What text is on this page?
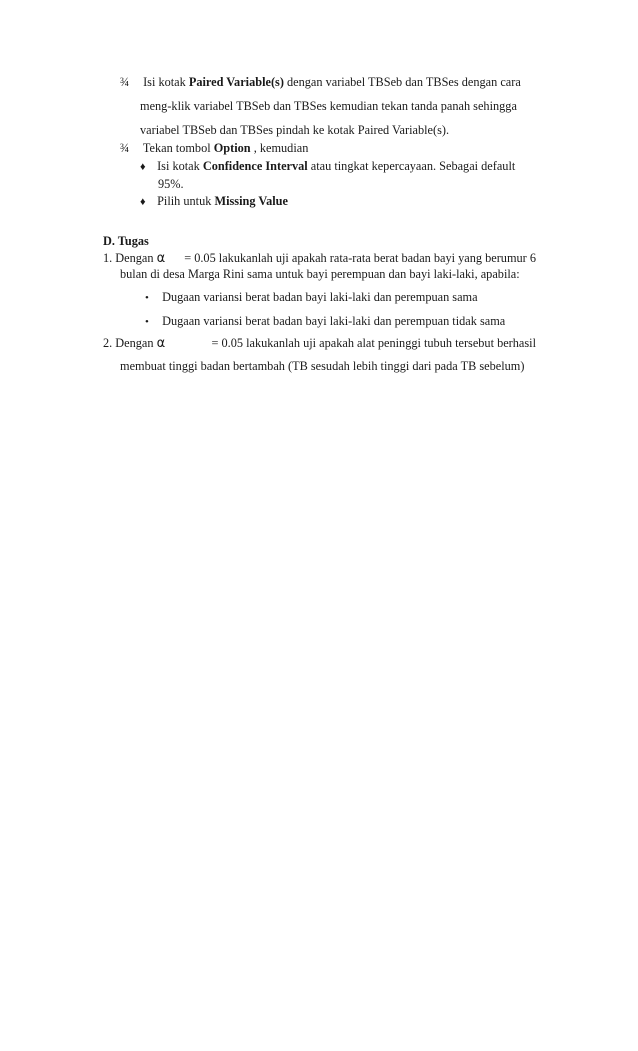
¾ Isi kotak Paired Variable(s) dengan variabel TBSeb dan TBSes dengan cara
meng-klik variabel TBSeb dan TBSes kemudian tekan tanda panah sehingga
variabel TBSeb dan TBSes pindah ke kotak Paired Variable(s).
¾ Tekan tombol Option , kemudian
♦ Isi kotak Confidence Interval atau tingkat kepercayaan. Sebagai default
95%.
♦ Pilih untuk Missing Value
D. Tugas
1. Dengan α = 0.05 lakukanlah uji apakah rata-rata berat badan bayi yang berumur 6
bulan di desa Marga Rini sama untuk bayi perempuan dan bayi laki-laki, apabila:
• Dugaan variansi berat badan bayi laki-laki dan perempuan sama
• Dugaan variansi berat badan bayi laki-laki dan perempuan tidak sama
2. Dengan α	= 0.05 lakukanlah uji apakah alat peninggi tubuh tersebut berhasil
membuat tinggi badan bertambah (TB sesudah lebih tinggi dari pada TB sebelum)
